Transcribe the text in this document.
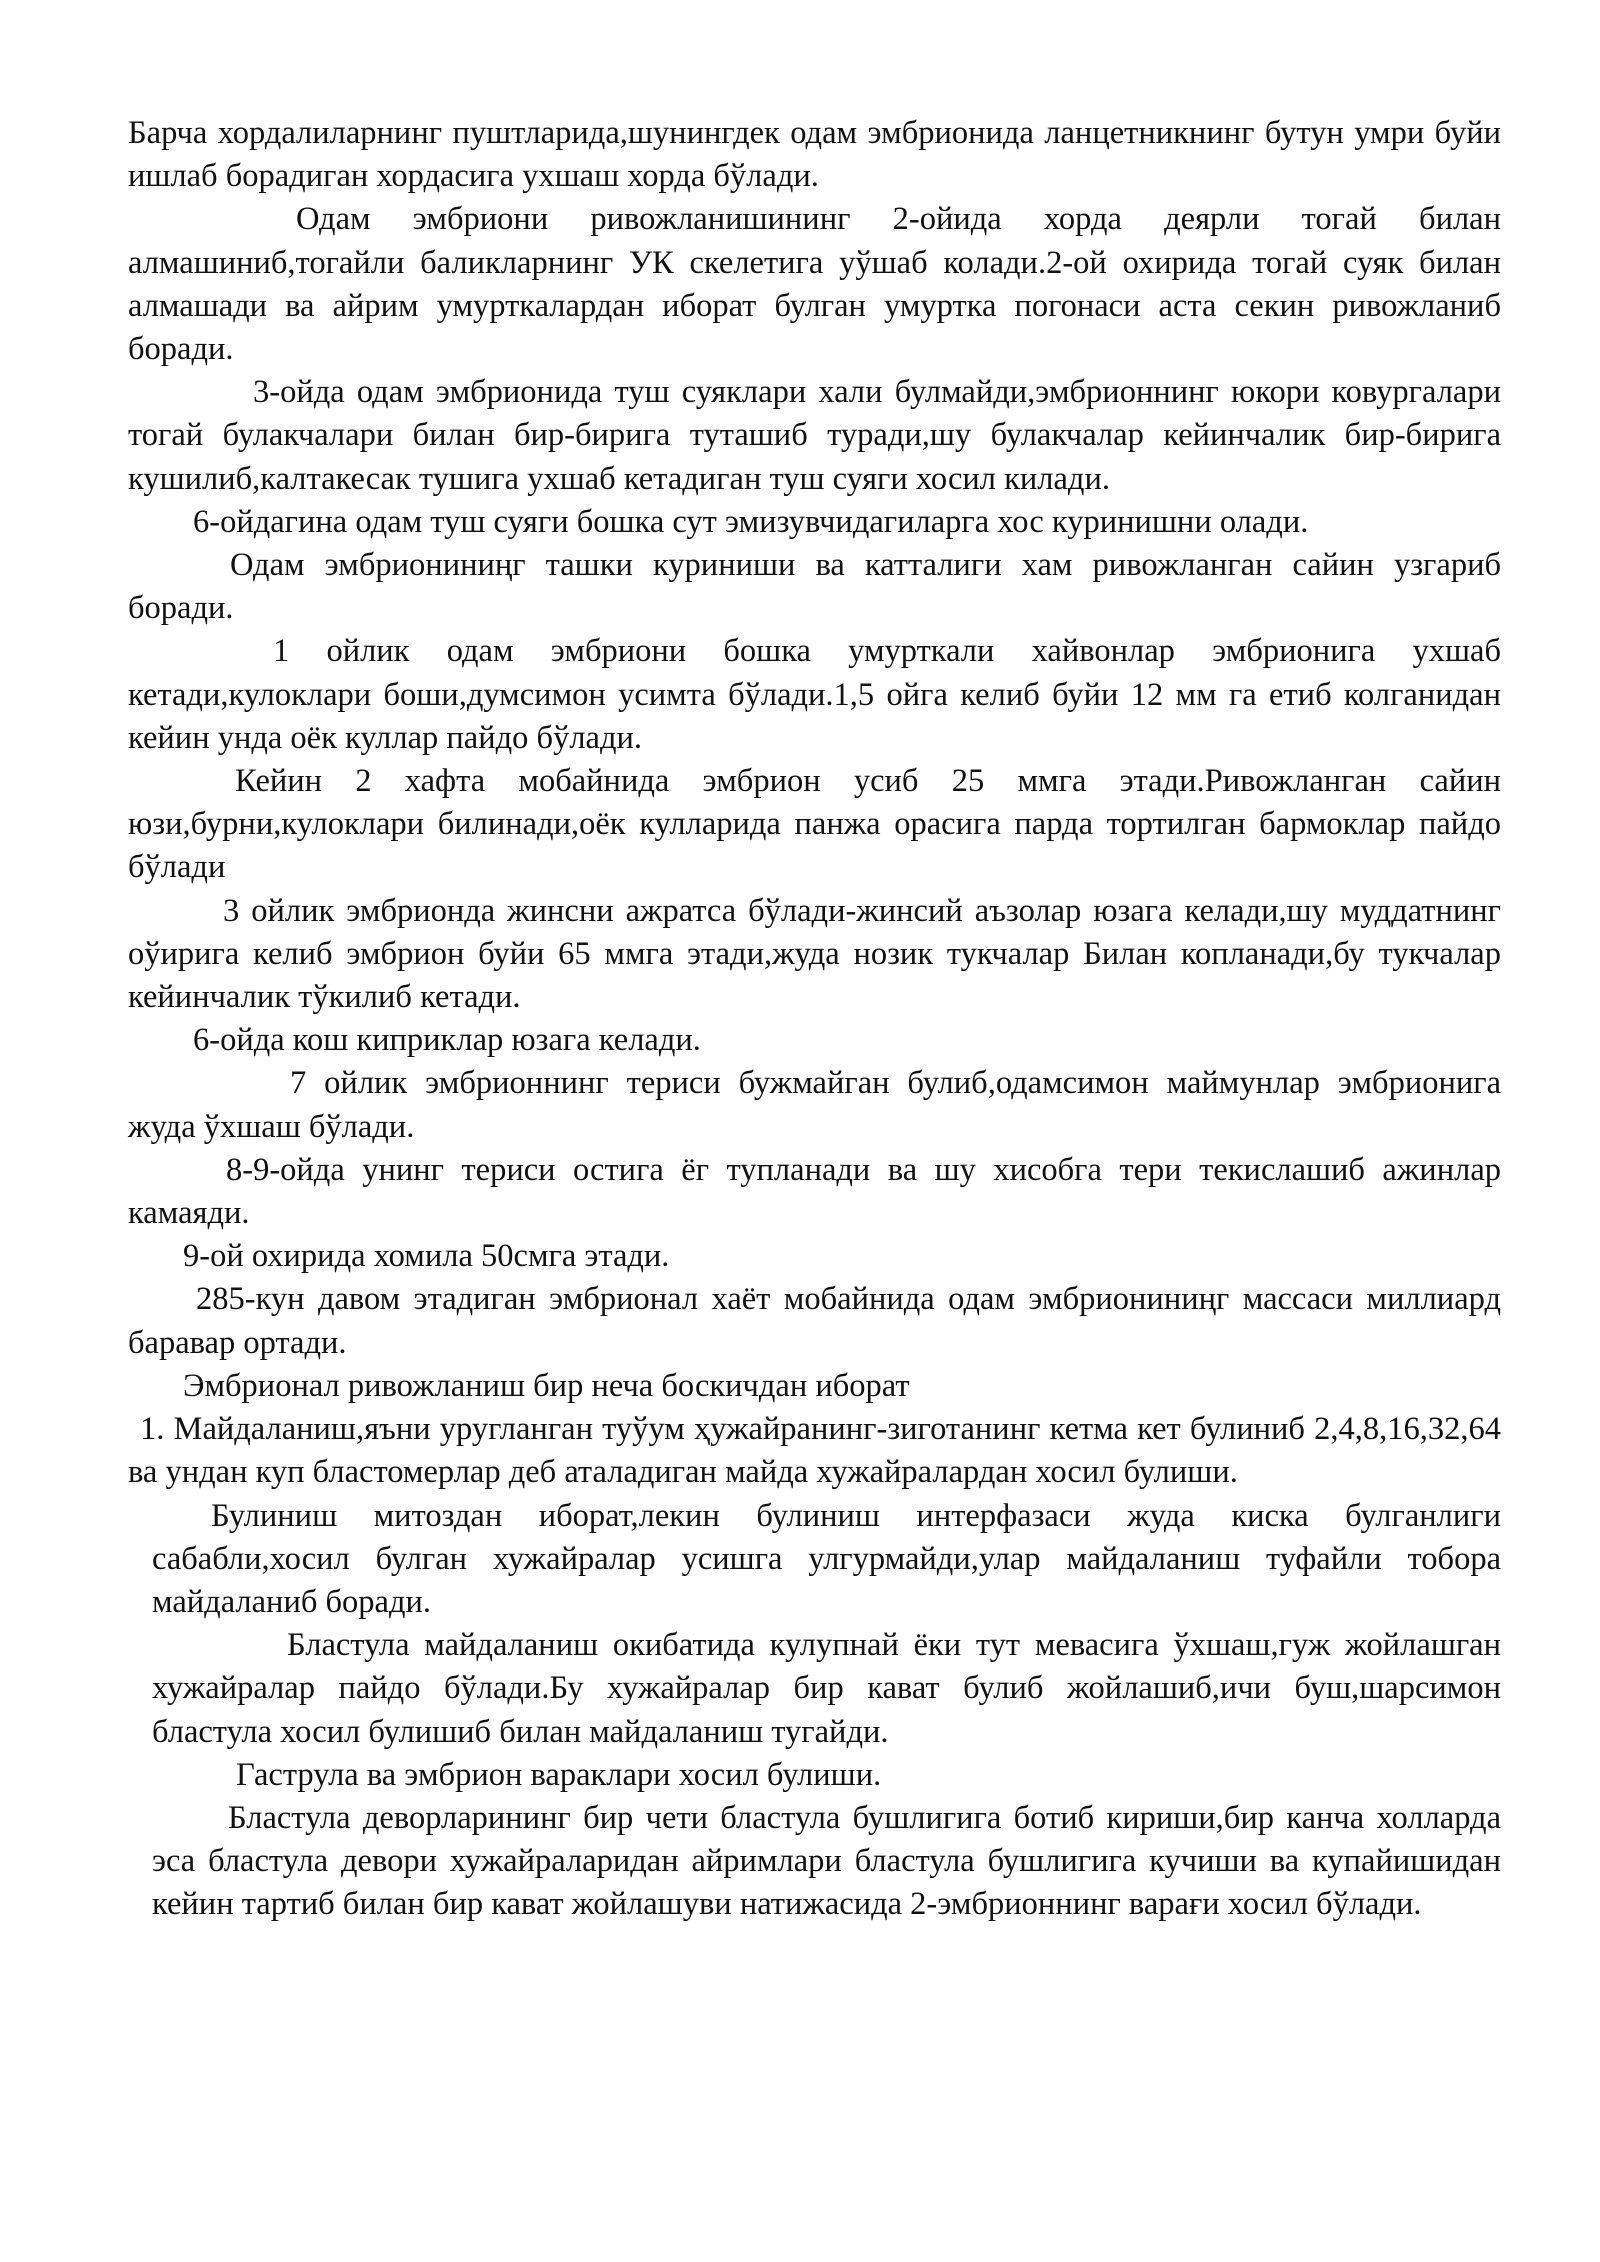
Барча хордалиларнинг пуштларида,шунингдек одам эмбрионида ланцетникнинг бутун умри буйи ишлаб борадиган хордасига ухшаш хорда бўлади.

Одам эмбриони ривожланишининг 2-ойида хорда деярли тогай билан алмашиниб,тогайли баликларнинг УК скелетига уўшаб колади.2-ой охирида тогай суяк билан алмашади ва айрим умурткалардан иборат булган умуртка погонаси аста секин ривожланиб боради.

3-ойда одам эмбрионида туш суяклари хали булмайди,эмбрионнинг юкори ковургалари тогай булакчалари билан бир-бирига туташиб туради,шу булакчалар кейинчалик бир-бирига кушилиб,калтакесак тушига ухшаб кетадиган туш суяги хосил килади.

6-ойдагина одам туш суяги бошка сут эмизувчидагиларга хос куринишни олади.

Одам эмбриониниңг ташки куриниши ва катталиги хам ривожланган сайин узгариб боради.

1 ойлик одам эмбриони бошка умурткали хайвонлар эмбрионига ухшаб кетади,кулоклари боши,думсимон усимта бўлади.1,5 ойга келиб буйи 12 мм га етиб колганидан кейин унда оёк куллар пайдо бўлади.

Кейин 2 хафта мобайнида эмбрион усиб 25 ммга этади.Ривожланган сайин юзи,бурни,кулоклари билинади,оёк кулларида панжа орасига парда тортилган бармоклар пайдо бўлади

3 ойлик эмбрионда жинсни ажратса бўлади-жинсий аъзолар юзага келади,шу муддатнинг оўирига келиб эмбрион буйи 65 ммга этади,жуда нозик тукчалар Билан копланади,бу тукчалар кейинчалик тўкилиб кетади.

6-ойда кош киприклар юзага келади.

7 ойлик эмбрионнинг териси бужмайган булиб,одамсимон маймунлар эмбрионига жуда ўхшаш бўлади.

8-9-ойда унинг териси остига ёг тупланади ва шу хисобга тери текислашиб ажинлар камаяди.

9-ой охирида хомила 50смга этади.

285-кун давом этадиган эмбрионал хаёт мобайнида одам эмбриониниңг массаси миллиард баравар ортади.

Эмбрионал ривожланиш бир неча боскичдан иборат

1. Майдаланиш,яъни уругланган туўум ҳужайранинг-зиготанинг кетма кет булиниб 2,4,8,16,32,64 ва ундан куп бластомерлар деб аталадиган майда хужайралардан хосил булиши.

Булиниш митоздан иборат,лекин булиниш интерфазаси жуда киска булганлиги сабабли,хосил булган хужайралар усишга улгурмайди,улар майдаланиш туфайли тобора майдаланиб боради.

Бластула майдаланиш окибатида кулупнай ёки тут мевасига ўхшаш,гуж жойлашган хужайралар пайдо бўлади.Бу хужайралар бир кават булиб жойлашиб,ичи буш,шарсимон бластула хосил булишиб билан майдаланиш тугайди.

Гаструла ва эмбрион вараклари хосил булиши.

Бластула деворларининг бир чети бластула бушлигига ботиб кириши,бир канча холларда эса бластула девори хужайраларидан айримлари бластула бушлигига кучиши ва купайишидан кейин тартиб билан бир кават жойлашуви натижасида 2-эмбрионнинг варағи хосил бўлади.
